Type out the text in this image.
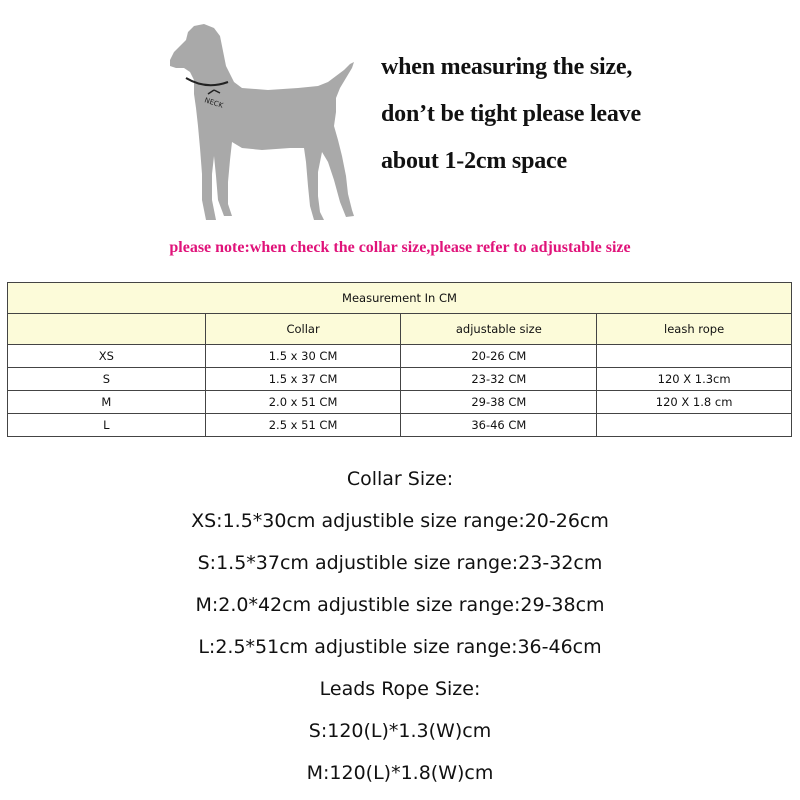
NECK
when measuring the size,
don’t be tight please leave
about 1-2cm space
please note:when check the collar size,please refer to adjustable size
Measurement In CM			
	Collar	adjustable size	leash rope
XS	1.5 x 30 CM	20-26 CM	
S	1.5 x 37 CM	23-32 CM	120 X 1.3cm
M	2.0 x 51 CM	29-38 CM	120 X 1.8 cm
L	2.5 x 51 CM	36-46 CM	
Collar Size:
XS:1.5*30cm adjustible size range:20-26cm
S:1.5*37cm adjustible size range:23-32cm
M:2.0*42cm adjustible size range:29-38cm
L:2.5*51cm adjustible size range:36-46cm
Leads Rope Size:
S:120(L)*1.3(W)cm
M:120(L)*1.8(W)cm
